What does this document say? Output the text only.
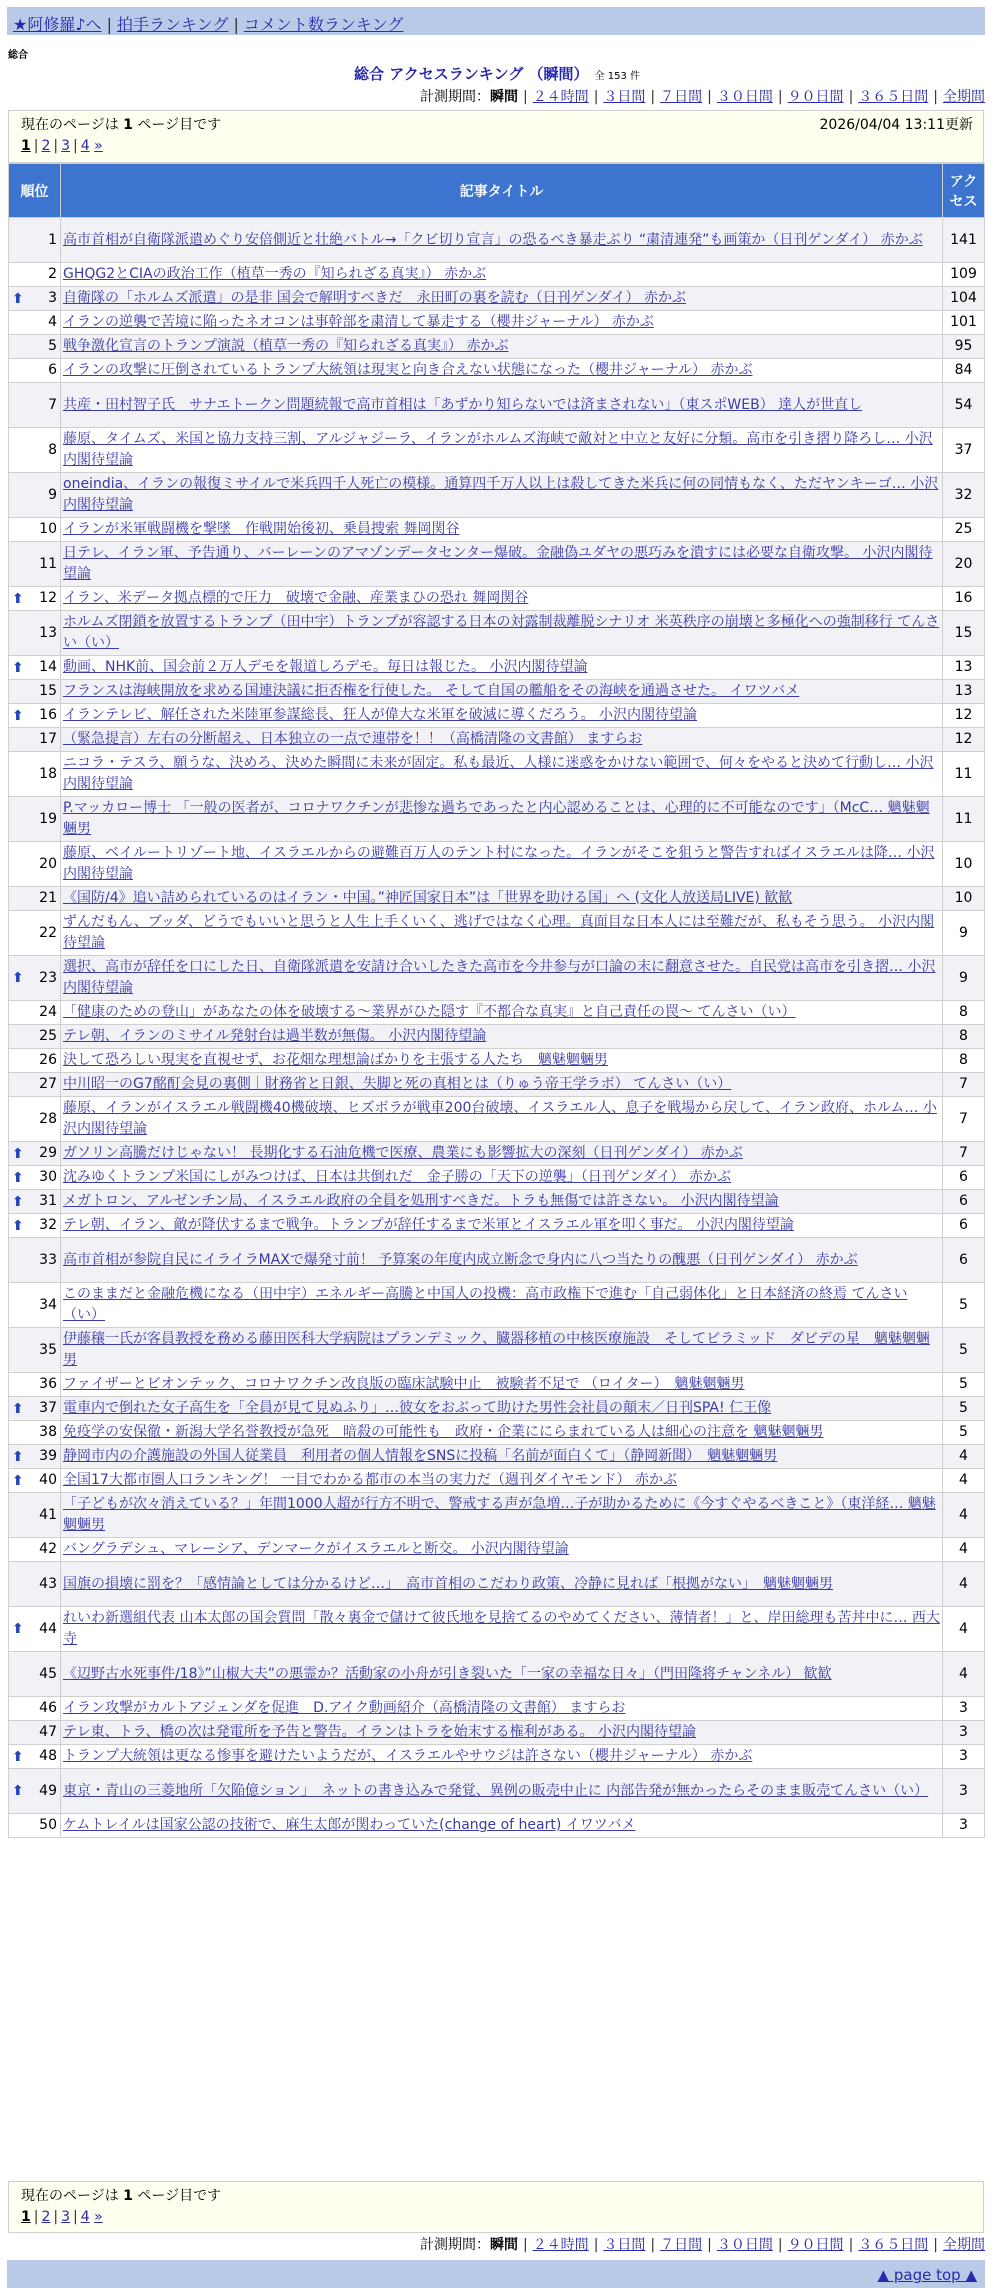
★阿修羅♪へ | 拍手ランキング | コメント数ランキング
総合
総合 アクセスランキング （瞬間） 全 153 件
計測期間：瞬間 | ２４時間 | ３日間 | ７日間 | ３０日間 | ９０日間 | ３６５日間 | 全期間
現在のページは 1 ページ目です	2026/04/04 13:11更新
1 | 2 | 3 | 4 »
順位	記事タイトル	アクセス
1	高市首相が自衛隊派遣めぐり安倍側近と壮絶バトル→「クビ切り宣言」の恐るべき暴走ぶり “粛清連発”も画策か（日刊ゲンダイ） 赤かぶ	141
2	GHQG2とCIAの政治工作（植草一秀の『知られざる真実』） 赤かぶ	109

⬆ 3	自衛隊の「ホルムズ派遣」の是非 国会で解明すべきだ　永田町の裏を読む（日刊ゲンダイ） 赤かぶ	104
4	イランの逆襲で苦境に陥ったネオコンは事幹部を粛清して暴走する（櫻井ジャーナル） 赤かぶ	101
5	戦争激化宣言のトランプ演説（植草一秀の『知られざる真実』） 赤かぶ	95
6	イランの攻撃に圧倒されているトランプ大統領は現実と向き合えない状態になった（櫻井ジャーナル） 赤かぶ	84
7	共産・田村智子氏　サナエトークン問題続報で高市首相は「あずかり知らないでは済まされない」（東スポWEB） 達人が世直し	54
8	藤原、タイムズ、米国と協力支持三割、アルジャジーラ、イランがホルムズ海峡で敵対と中立と友好に分類。高市を引き摺り降ろし… 小沢内閣待望論	37
9	oneindia、イランの報復ミサイルで米兵四千人死亡の模様。通算四千万人以上は殺してきた米兵に何の同情もなく、ただヤンキーゴ… 小沢内閣待望論	32
10	イランが米軍戦闘機を撃墜　作戦開始後初、乗員捜索 舞岡関谷	25
11	日テレ、イラン軍、予告通り、バーレーンのアマゾンデータセンター爆破。金融偽ユダヤの悪巧みを潰すには必要な自衛攻撃。 小沢内閣待望論	20

⬆ 12	イラン、米データ拠点標的で圧力　破壊で金融、産業まひの恐れ 舞岡関谷	16
13	ホルムズ閉鎖を放置するトランプ（田中宇）トランプが容認する日本の対露制裁離脱シナリオ 米英秩序の崩壊と多極化への強制移行 てんさい（い）	15

⬆ 14	動画、NHK前、国会前２万人デモを報道しろデモ。毎日は報じた。 小沢内閣待望論	13
15	フランスは海峡開放を求める国連決議に拒否権を行使した。 そして自国の艦船をその海峡を通過させた。 イワツバメ	13

⬆ 16	イランテレビ、解任された米陸軍参謀総長、狂人が偉大な米軍を破滅に導くだろう。 小沢内閣待望論	12
17	（緊急提言）左右の分断超え、日本独立の一点で連帯を！！（高橋清隆の文書館） ますらお	12
18	ニコラ・テスラ、願うな、決めろ、決めた瞬間に未来が固定。私も最近、人様に迷惑をかけない範囲で、何々をやると決めて行動し… 小沢内閣待望論	11
19	P.マッカロー博士 「一般の医者が、コロナワクチンが悲惨な過ちであったと内心認めることは、心理的に不可能なのです」（McC… 魑魅魍魎男	11
20	藤原、ベイルートリゾート地、イスラエルからの避難百万人のテント村になった。イランがそこを狙うと警告すればイスラエルは降… 小沢内閣待望論	10
21	《国防/4》追い詰められているのはイラン・中国。”神匠国家日本”は「世界を助ける国」へ (文化人放送局LIVE) 歓歓	10
22	ずんだもん、ブッダ、どうでもいいと思うと人生上手くいく、逃げではなく心理。真面目な日本人には至難だが、私もそう思う。 小沢内閣待望論	9

⬆ 23	選択、高市が辞任を口にした日、自衛隊派遣を安請け合いしたきた高市を今井参与が口論の末に翻意させた。自民党は高市を引き摺… 小沢内閣待望論	9
24	「健康のための登山」があなたの体を破壊する〜業界がひた隠す『不都合な真実』と自己責任の罠〜 てんさい（い）	8
25	テレ朝、イランのミサイル発射台は過半数が無傷。 小沢内閣待望論	8
26	決して恐ろしい現実を直視せず、お花畑な理想論ばかりを主張する人たち　魑魅魍魎男	8
27	中川昭一のG7酩酊会見の裏側｜財務省と日銀、失脚と死の真相とは（りゅう帝王学ラボ） てんさい（い）	7
28	藤原、イランがイスラエル戦闘機40機破壊、ヒズボラが戦車200台破壊、イスラエル人、息子を戦場から戻して、イラン政府、ホルム… 小沢内閣待望論	7

⬆ 29	ガソリン高騰だけじゃない！ 長期化する石油危機で医療、農業にも影響拡大の深刻（日刊ゲンダイ） 赤かぶ	7

⬆ 30	沈みゆくトランプ米国にしがみつけば、日本は共倒れだ　金子勝の「天下の逆襲」（日刊ゲンダイ） 赤かぶ	6

⬆ 31	メガトロン、アルゼンチン局、イスラエル政府の全員を処刑すべきだ。トラも無傷では許さない。 小沢内閣待望論	6

⬆ 32	テレ朝、イラン、敵が降伏するまで戦争。トランプが辞任するまで米軍とイスラエル軍を叩く事だ。 小沢内閣待望論	6
33	高市首相が参院自民にイライラMAXで爆発寸前！ 予算案の年度内成立断念で身内に八つ当たりの醜悪（日刊ゲンダイ） 赤かぶ	6
34	このままだと金融危機になる（田中宇）エネルギー高騰と中国人の投機：高市政権下で進む「自己弱体化」と日本経済の終焉 てんさい（い）	5
35	伊藤穰一氏が客員教授を務める藤田医科大学病院はプランデミック、臓器移植の中核医療施設　そしてピラミッド　ダビデの星　魑魅魍魎男	5
36	ファイザーとビオンテック、コロナワクチン改良版の臨床試験中止　被験者不足で （ロイター）　魑魅魍魎男	5

⬆ 37	電車内で倒れた女子高生を「全員が見て見ぬふり」…彼女をおぶって助けた男性会社員の顛末／日刊SPA! 仁王像	5
38	免疫学の安保徹・新潟大学名誉教授が急死　暗殺の可能性も　政府・企業ににらまれている人は細心の注意を 魑魅魍魎男	5

⬆ 39	静岡市内の介護施設の外国人従業員　利用者の個人情報をSNSに投稿「名前が面白くて」（静岡新聞）　魑魅魍魎男	4

⬆ 40	全国17大都市圏人口ランキング！ 一目でわかる都市の本当の実力だ（週刊ダイヤモンド） 赤かぶ	4
41	「子どもが次々消えている？」年間1000人超が行方不明で、警戒する声が急増…子が助かるために《今すぐやるべきこと》（東洋経… 魑魅魍魎男	4
42	バングラデシュ、マレーシア、デンマークがイスラエルと断交。 小沢内閣待望論	4
43	国旗の損壊に罰を？「感情論としては分かるけど…」　高市首相のこだわり政策、冷静に見れば「根拠がない」　魑魅魍魎男	4

⬆ 44	れいわ新選組代表 山本太郎の国会質問「散々裏金で儲けて彼氏地を見捨てるのやめてください、薄情者！」と、岸田総理も苦丼中に… 西大寺	4
45	《辺野古水死事件/18》”山椒大夫”の悪霊か？活動家の小舟が引き裂いた「一家の幸福な日々」（門田隆将チャンネル） 歓歓	4
46	イラン攻撃がカルトアジェンダを促進　D.アイク動画紹介（高橋清隆の文書館） ますらお	3
47	テレ東、トラ、橋の次は発電所を予告と警告。イランはトラを始末する権利がある。 小沢内閣待望論	3

⬆ 48	トランプ大統領は更なる惨事を避けたいようだが、イスラエルやサウジは許さない（櫻井ジャーナル） 赤かぶ	3

⬆ 49	東京・青山の三菱地所「欠陥億ション」　ネットの書き込みで発覚、異例の販売中止に 内部告発が無かったらそのまま販売てんさい（い）	3
50	ケムトレイルは国家公認の技術で、麻生太郎が関わっていた(change of heart) イワツバメ	3
現在のページは 1 ページ目です
1 | 2 | 3 | 4 »
計測期間：瞬間 | ２４時間 | ３日間 | ７日間 | ３０日間 | ９０日間 | ３６５日間 | 全期間
▲ page top ▲
